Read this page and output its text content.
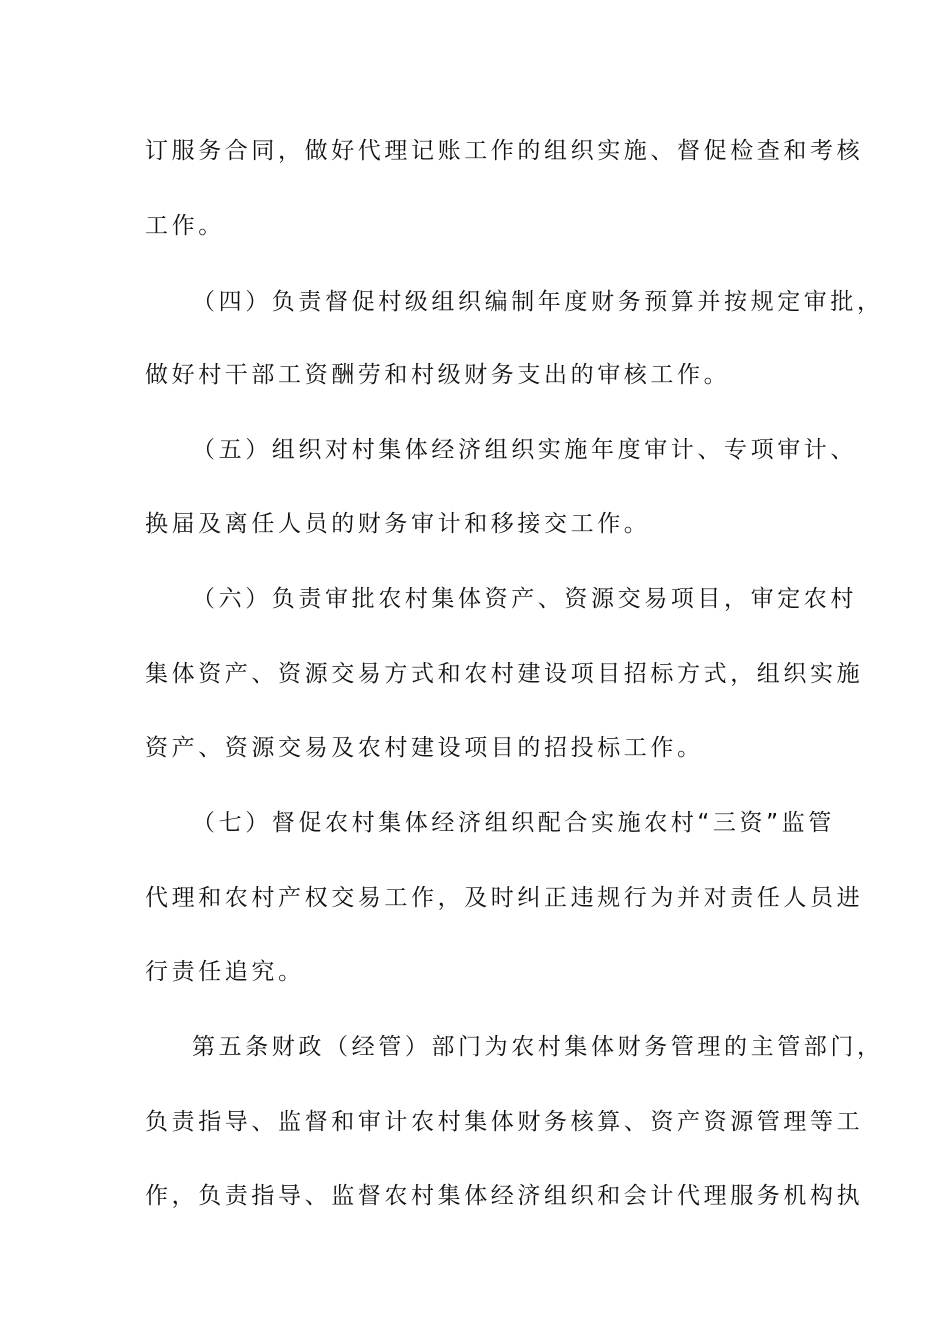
订服务合同，做好代理记账工作的组织实施、督促检查和考核
工作。
（四）负责督促村级组织编制年度财务预算并按规定审批，
做好村干部工资酬劳和村级财务支出的审核工作。
（五）组织对村集体经济组织实施年度审计、专项审计、
换届及离任人员的财务审计和移接交工作。
（六）负责审批农村集体资产、资源交易项目，审定农村
集体资产、资源交易方式和农村建设项目招标方式，组织实施
资产、资源交易及农村建设项目的招投标工作。
（七）督促农村集体经济组织配合实施农村“三资”监管
代理和农村产权交易工作，及时纠正违规行为并对责任人员进
行责任追究。
第五条财政（经管）部门为农村集体财务管理的主管部门，
负责指导、监督和审计农村集体财务核算、资产资源管理等工
作，负责指导、监督农村集体经济组织和会计代理服务机构执
